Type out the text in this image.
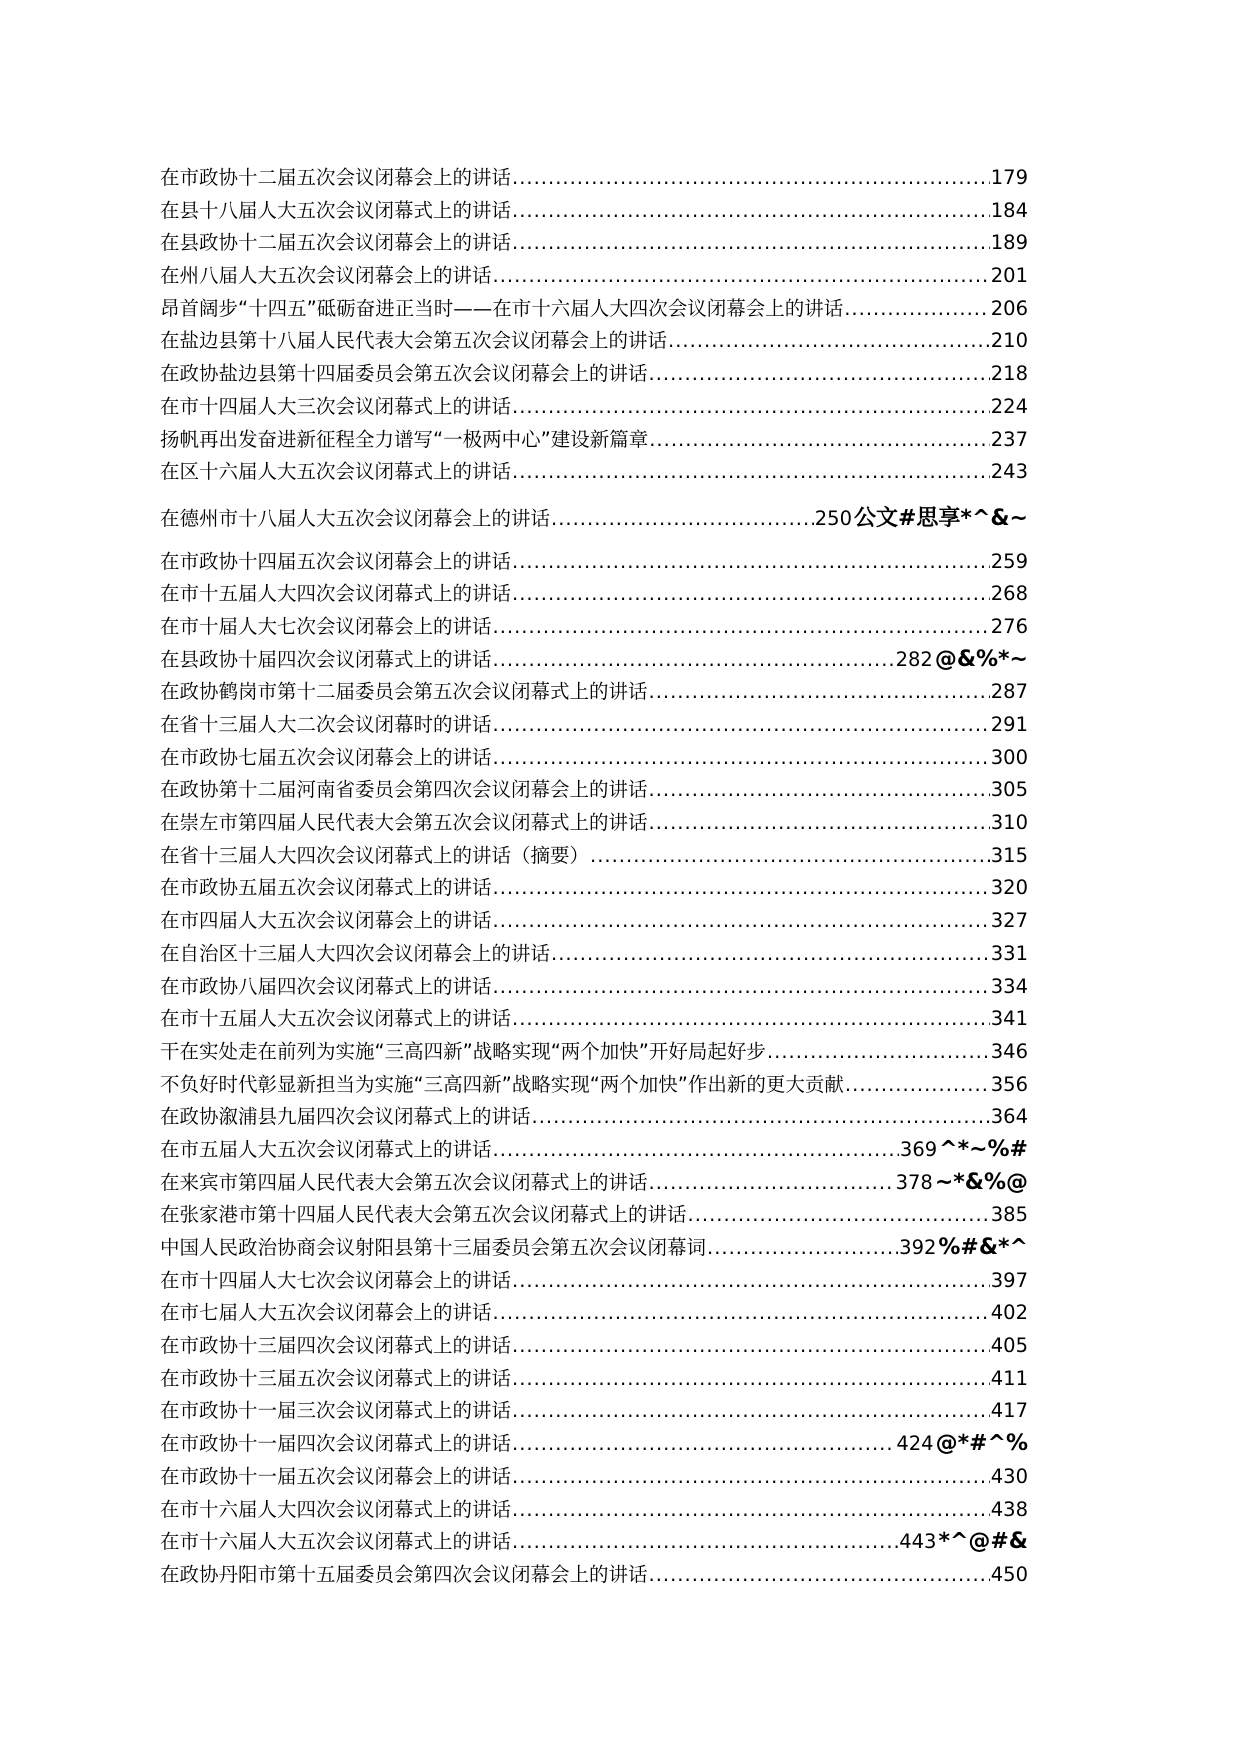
在市政协十二届五次会议闭幕会上的讲话 .....	179
在县十八届人大五次会议闭幕式上的讲话 .....	184
在县政协十二届五次会议闭幕会上的讲话 .....	189
在州八届人大五次会议闭幕会上的讲话 .....	201
昂首阔步“十四五”砥砺奋进正当时——在市十六届人大四次会议闭幕会上的讲话 .....	206
在盐边县第十八届人民代表大会第五次会议闭幕会上的讲话 .....	210
在政协盐边县第十四届委员会第五次会议闭幕会上的讲话 .....	218
在市十四届人大三次会议闭幕式上的讲话 .....	224
扬帆再出发奋进新征程全力谱写“一极两中心”建设新篇章 .....	237
在区十六届人大五次会议闭幕式上的讲话 .....	243
在德州市十八届人大五次会议闭幕会上的讲话 .....	250 公文#思享*^&~
在市政协十四届五次会议闭幕会上的讲话 .....	259
在市十五届人大四次会议闭幕式上的讲话 .....	268
在市十届人大七次会议闭幕会上的讲话 .....	276
在县政协十届四次会议闭幕式上的讲话 .....	282 @&%*~
在政协鹤岗市第十二届委员会第五次会议闭幕式上的讲话 .....	287
在省十三届人大二次会议闭幕时的讲话 .....	291
在市政协七届五次会议闭幕会上的讲话 .....	300
在政协第十二届河南省委员会第四次会议闭幕会上的讲话 .....	305
在崇左市第四届人民代表大会第五次会议闭幕式上的讲话 .....	310
在省十三届人大四次会议闭幕式上的讲话（摘要） .....	315
在市政协五届五次会议闭幕式上的讲话 .....	320
在市四届人大五次会议闭幕会上的讲话 .....	327
在自治区十三届人大四次会议闭幕会上的讲话 .....	331
在市政协八届四次会议闭幕式上的讲话 .....	334
在市十五届人大五次会议闭幕式上的讲话 .....	341
干在实处走在前列为实施“三高四新”战略实现“两个加快”开好局起好步 .....	346
不负好时代彰显新担当为实施“三高四新”战略实现“两个加快”作出新的更大贡献 .....	356
在政协溆浦县九届四次会议闭幕式上的讲话 .....	364
在市五届人大五次会议闭幕式上的讲话 .....	369 ^*~%#
在来宾市第四届人民代表大会第五次会议闭幕式上的讲话 .....	378 ~*&%@
在张家港市第十四届人民代表大会第五次会议闭幕式上的讲话 .....	385
中国人民政治协商会议射阳县第十三届委员会第五次会议闭幕词 .....	392 %#&*^
在市十四届人大七次会议闭幕会上的讲话 .....	397
在市七届人大五次会议闭幕会上的讲话 .....	402
在市政协十三届四次会议闭幕式上的讲话 .....	405
在市政协十三届五次会议闭幕式上的讲话 .....	411
在市政协十一届三次会议闭幕式上的讲话 .....	417
在市政协十一届四次会议闭幕式上的讲话 .....	424 @*#^%
在市政协十一届五次会议闭幕会上的讲话 .....	430
在市十六届人大四次会议闭幕式上的讲话 .....	438
在市十六届人大五次会议闭幕式上的讲话 .....	443 *^@#&
在政协丹阳市第十五届委员会第四次会议闭幕会上的讲话 .....	450
